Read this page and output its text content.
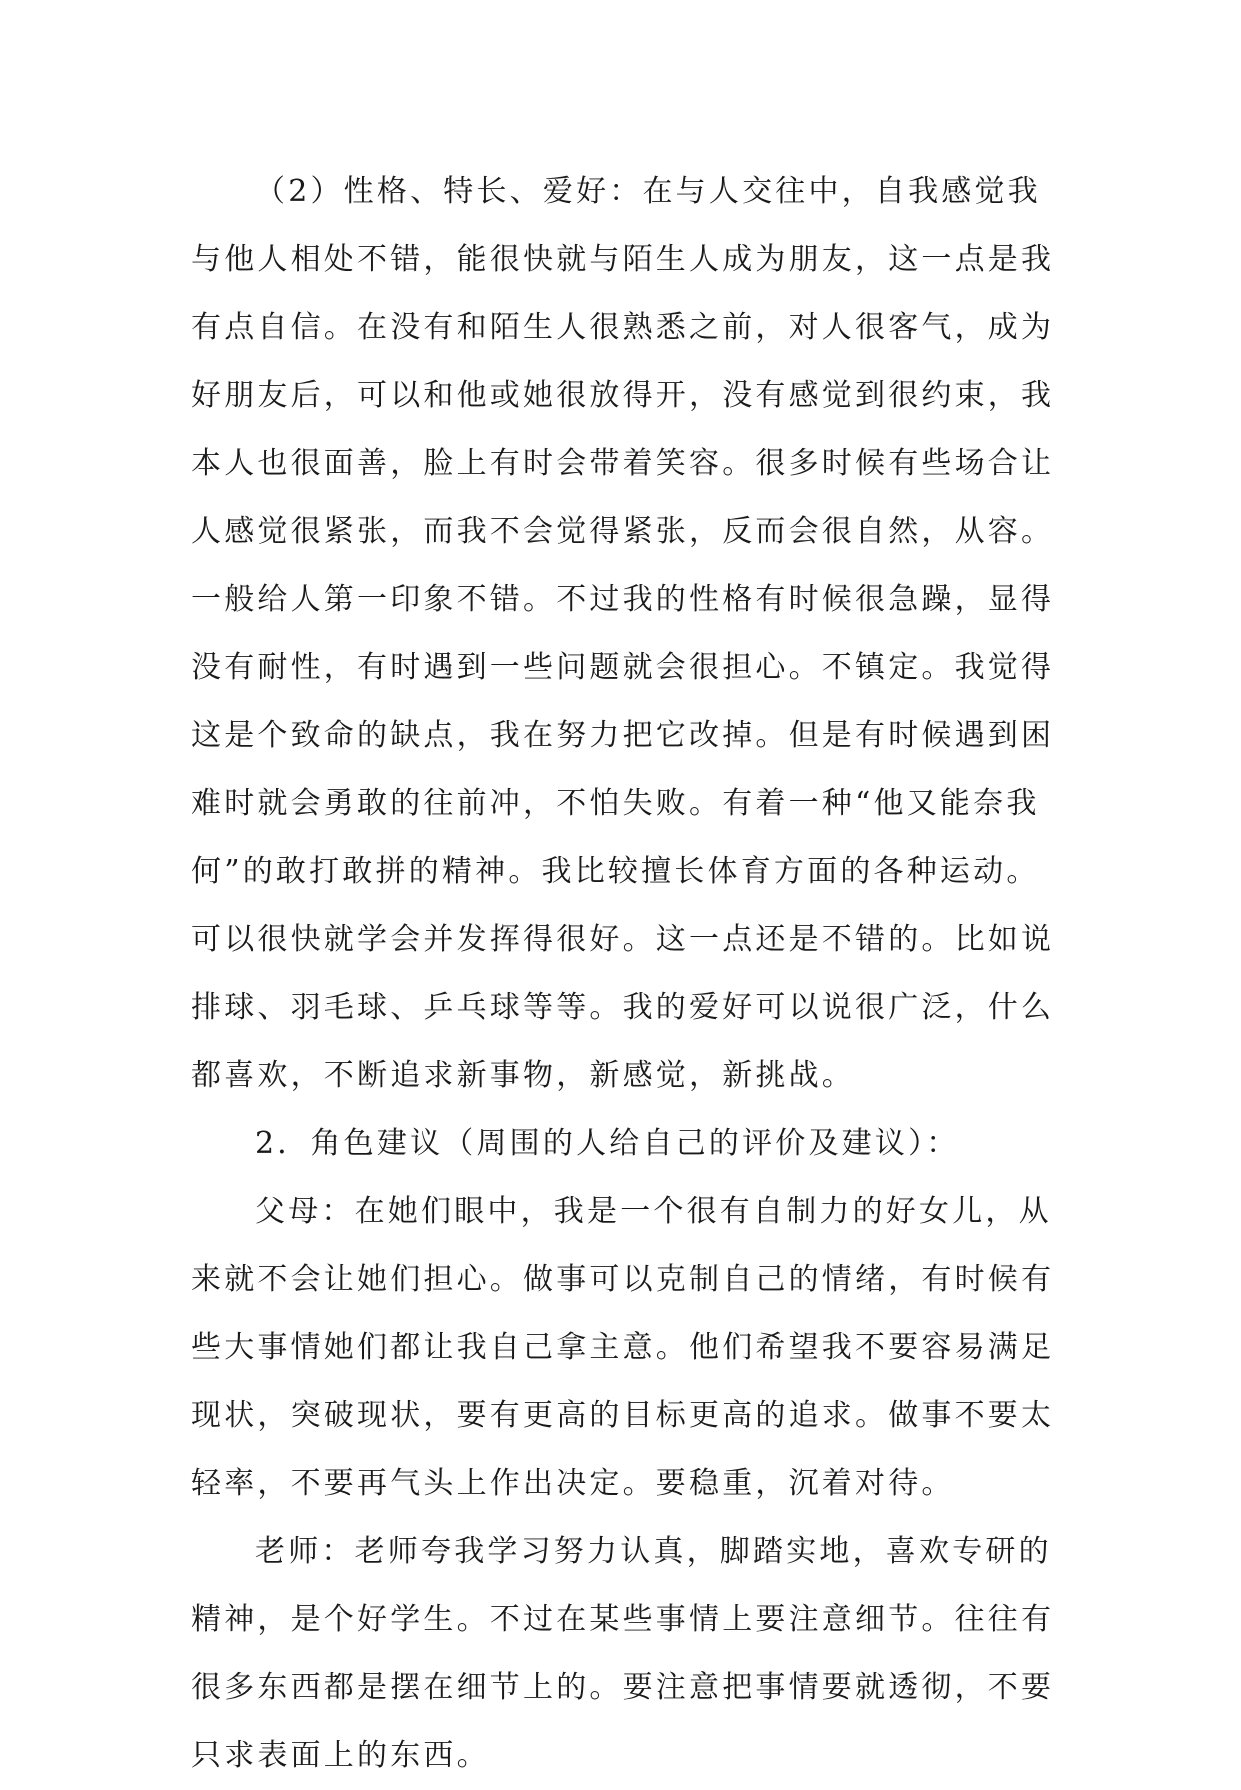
（2）性格、特长、爱好：在与人交往中，自我感觉我
与他人相处不错，能很快就与陌生人成为朋友，这一点是我
有点自信。在没有和陌生人很熟悉之前，对人很客气，成为
好朋友后，可以和他或她很放得开，没有感觉到很约束，我
本人也很面善，脸上有时会带着笑容。很多时候有些场合让
人感觉很紧张，而我不会觉得紧张，反而会很自然，从容。
一般给人第一印象不错。不过我的性格有时候很急躁，显得
没有耐性，有时遇到一些问题就会很担心。不镇定。我觉得
这是个致命的缺点，我在努力把它改掉。但是有时候遇到困
难时就会勇敢的往前冲，不怕失败。有着一种“他又能奈我
何”的敢打敢拼的精神。我比较擅长体育方面的各种运动。
可以很快就学会并发挥得很好。这一点还是不错的。比如说
排球、羽毛球、乒乓球等等。我的爱好可以说很广泛，什么
都喜欢，不断追求新事物，新感觉，新挑战。
2．角色建议（周围的人给自己的评价及建议）：
父母：在她们眼中，我是一个很有自制力的好女儿，从
来就不会让她们担心。做事可以克制自己的情绪，有时候有
些大事情她们都让我自己拿主意。他们希望我不要容易满足
现状，突破现状，要有更高的目标更高的追求。做事不要太
轻率，不要再气头上作出决定。要稳重，沉着对待。
老师：老师夸我学习努力认真，脚踏实地，喜欢专研的
精神，是个好学生。不过在某些事情上要注意细节。往往有
很多东西都是摆在细节上的。要注意把事情要就透彻，不要
只求表面上的东西。
